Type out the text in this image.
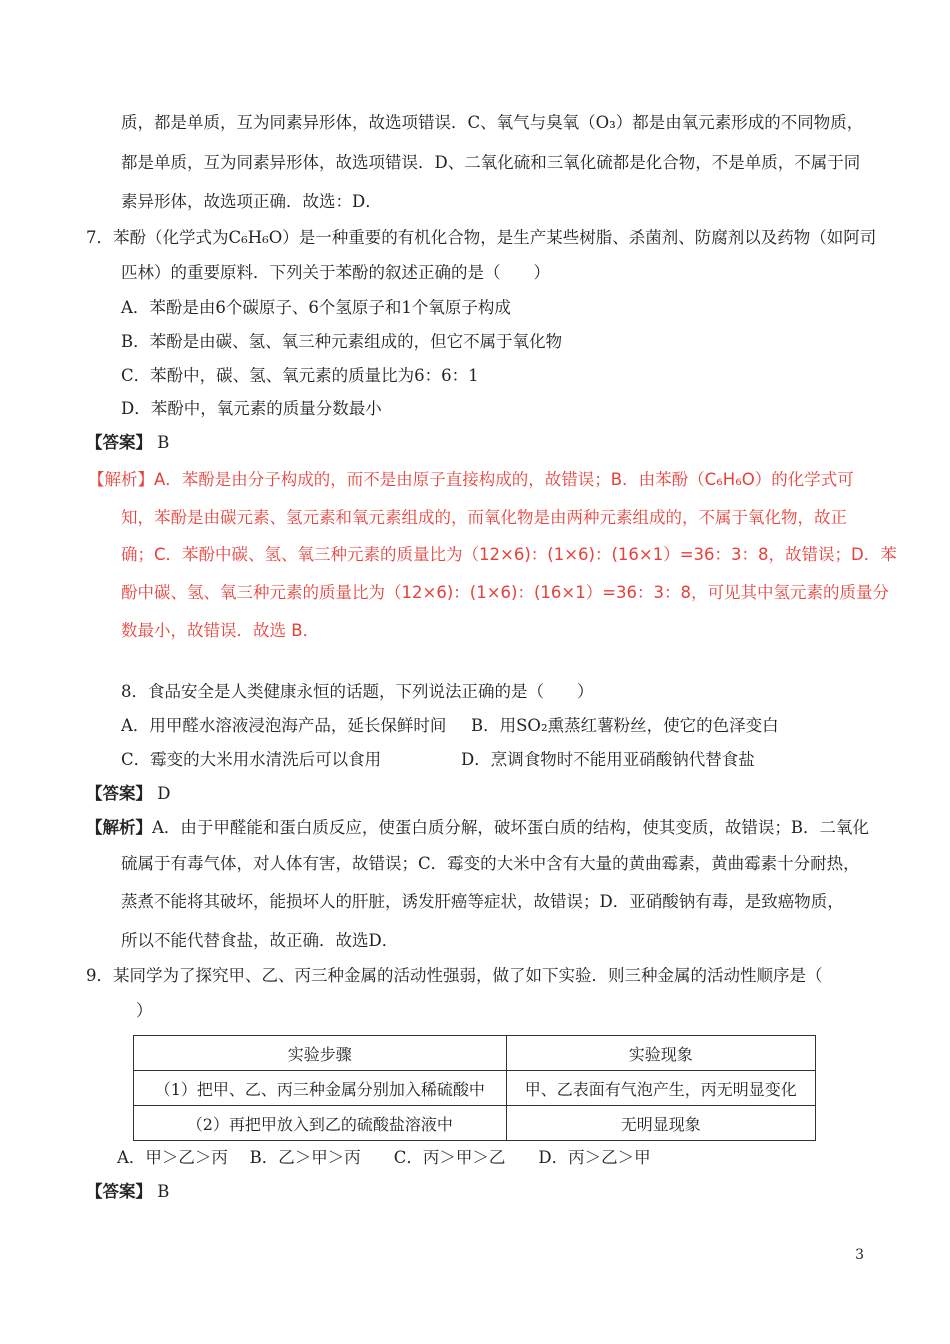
质，都是单质，互为同素异形体，故选项错误．C、氧气与臭氧（O₃）都是由氧元素形成的不同物质，
都是单质，互为同素异形体，故选项错误．D、二氧化硫和三氧化硫都是化合物，不是单质，不属于同
素异形体，故选项正确．故选：D．
7．苯酚（化学式为C₆H₆O）是一种重要的有机化合物，是生产某些树脂、杀菌剂、防腐剂以及药物（如阿司
匹林）的重要原料．下列关于苯酚的叙述正确的是（　　）
A．苯酚是由6个碳原子、6个氢原子和1个氧原子构成
B．苯酚是由碳、氢、氧三种元素组成的，但它不属于氧化物
C．苯酚中，碳、氢、氧元素的质量比为6：6：1
D．苯酚中，氧元素的质量分数最小
【答案】 B
【解析】A．苯酚是由分子构成的，而不是由原子直接构成的，故错误；B．由苯酚（C₆H₆O）的化学式可
知，苯酚是由碳元素、氢元素和氧元素组成的，而氧化物是由两种元素组成的，不属于氧化物，故正
确；C．苯酚中碳、氢、氧三种元素的质量比为（12×6)：(1×6)：(16×1）=36：3：8，故错误；D．苯
酚中碳、氢、氧三种元素的质量比为（12×6)：(1×6)：(16×1）=36：3：8，可见其中氢元素的质量分
数最小，故错误．故选 B．
8．食品安全是人类健康永恒的话题，下列说法正确的是（　　）
A．用甲醛水溶液浸泡海产品，延长保鲜时间 B．用SO₂熏蒸红薯粉丝，使它的色泽变白
C．霉变的大米用水清洗后可以食用	D．烹调食物时不能用亚硝酸钠代替食盐
【答案】 D
【解析】A．由于甲醛能和蛋白质反应，使蛋白质分解，破坏蛋白质的结构，使其变质，故错误；B．二氧化
硫属于有毒气体，对人体有害，故错误；C．霉变的大米中含有大量的黄曲霉素，黄曲霉素十分耐热，
蒸煮不能将其破坏，能损坏人的肝脏，诱发肝癌等症状，故错误；D．亚硝酸钠有毒，是致癌物质，
所以不能代替食盐，故正确．故选D．
9．某同学为了探究甲、乙、丙三种金属的活动性强弱，做了如下实验．则三种金属的活动性顺序是（
）
实验步骤	实验现象
（1）把甲、乙、丙三种金属分别加入稀硫酸中	甲、乙表面有气泡产生，丙无明显变化
（2）再把甲放入到乙的硫酸盐溶液中	无明显现象
A．甲＞乙＞丙　 B．乙＞甲＞丙　　C．丙＞甲＞乙　　D．丙＞乙＞甲
【答案】 B
3
